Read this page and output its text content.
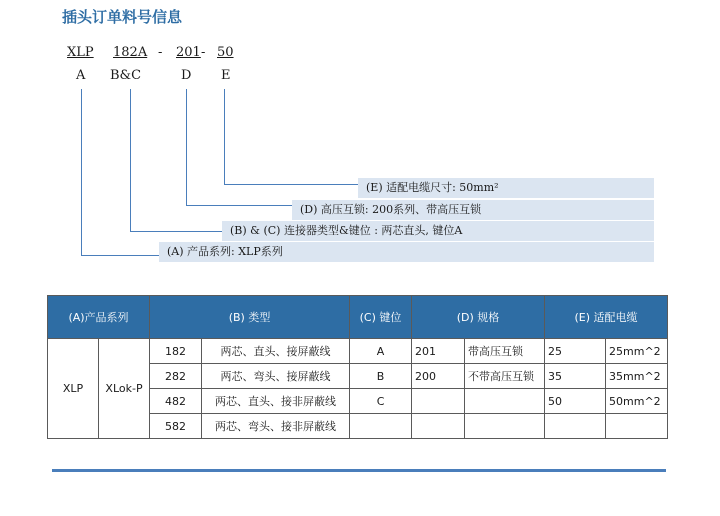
插头订单料号信息
XLP 182A - 201 - 50
A B&C	D E
(E) 适配电缆尺寸: 50mm²
(D) 高压互锁: 200系列、带高压互锁
(B) & (C) 连接器类型&键位 : 两芯直头, 键位A
(A) 产品系列: XLP系列
(A)产品系列		(B) 类型		(C) 键位	(D) 规格		(E) 适配电缆	
XLP	XLok-P	182	两芯、直头、接屏蔽线	A	201	带高压互锁	25	25mm^2
		282	两芯、弯头、接屏蔽线	B	200	不带高压互锁	35	35mm^2
		482	两芯、直头、接非屏蔽线	C			50	50mm^2
		582	两芯、弯头、接非屏蔽线					
